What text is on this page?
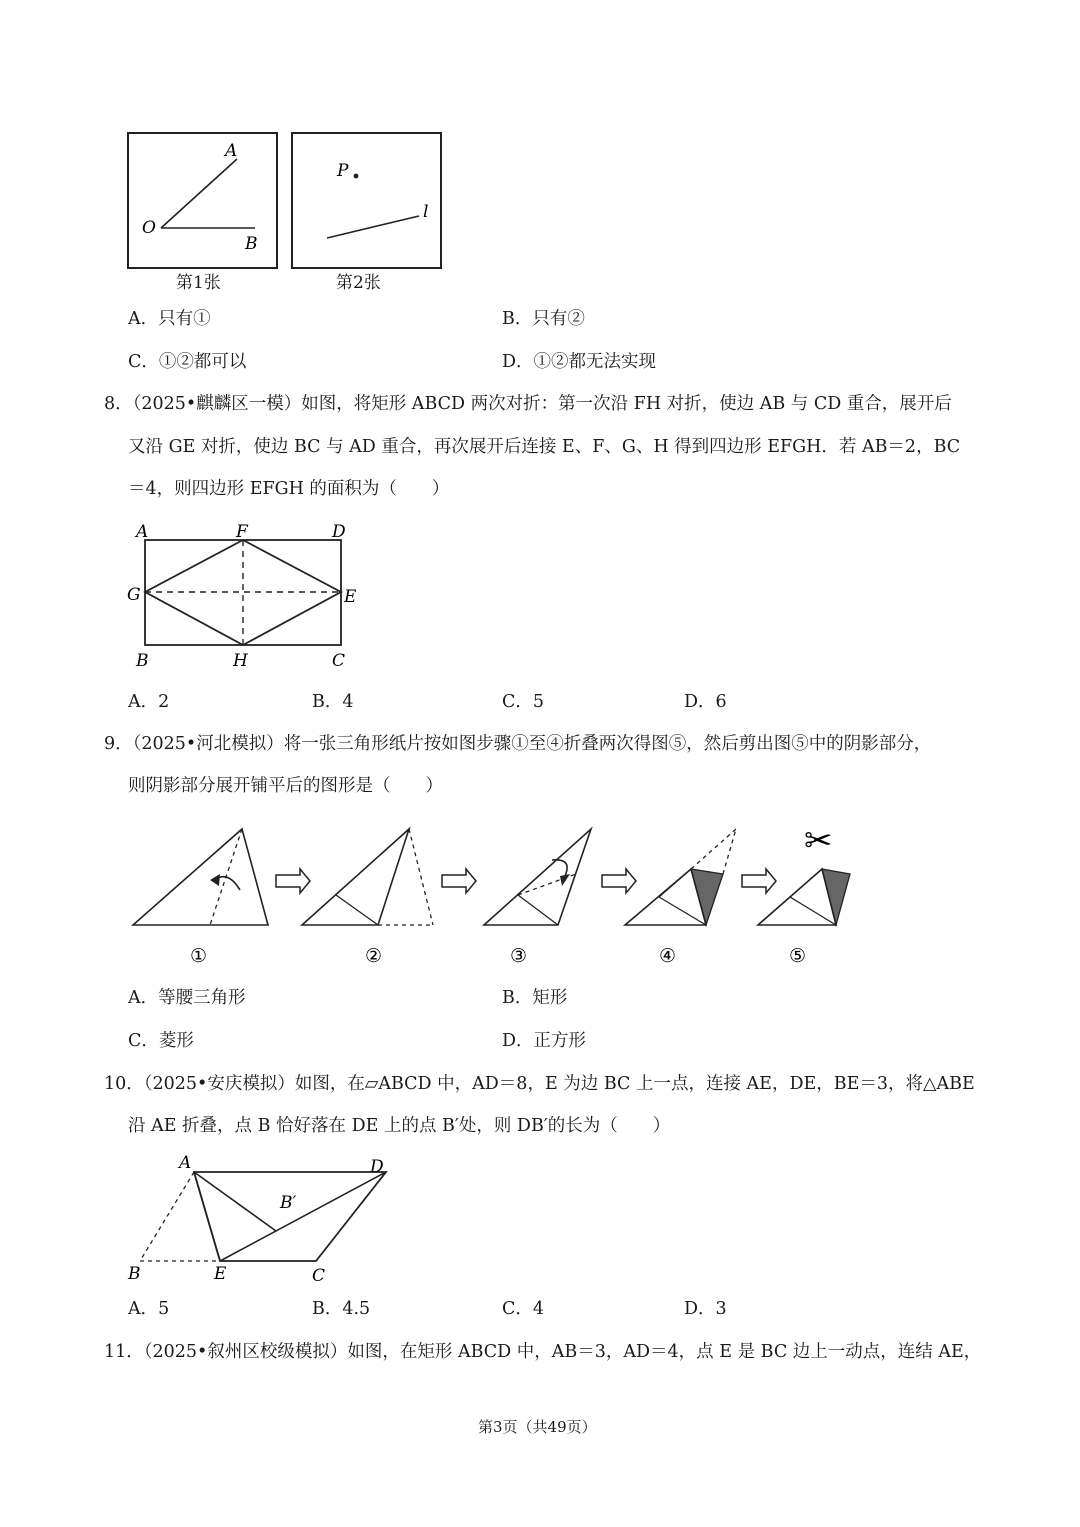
A
O
B
第1张
P
l
第2张
A．只有①	B．只有②
C．①②都可以	D．①②都无法实现
8．（2025•麒麟区一模）如图，将矩形 ABCD 两次对折：第一次沿 FH 对折，使边 AB 与 CD 重合，展开后
又沿 GE 对折，使边 BC 与 AD 重合，再次展开后连接 E、F、G、H 得到四边形 EFGH．若 AB＝2，BC
＝4，则四边形 EFGH 的面积为（　　）
A	F	D
G	E
B	H	C
A．2	B．4	C．5	D．6
9．（2025•河北模拟）将一张三角形纸片按如图步骤①至④折叠两次得图⑤，然后剪出图⑤中的阴影部分，
则阴影部分展开铺平后的图形是（　　）
✂
①	②	③	④	⑤
A．等腰三角形	B．矩形
C．菱形	D．正方形
10．（2025•安庆模拟）如图，在▱ABCD 中，AD＝8，E 为边 BC 上一点，连接 AE，DE，BE＝3，将△ABE
沿 AE 折叠，点 B 恰好落在 DE 上的点 B′处，则 DB′的长为（　　）
A	D
B′
B	E	C
A．5	B．4.5	C．4	D．3
11．（2025•叙州区校级模拟）如图，在矩形 ABCD 中，AB＝3，AD＝4，点 E 是 BC 边上一动点，连结 AE，
第3页（共49页）
